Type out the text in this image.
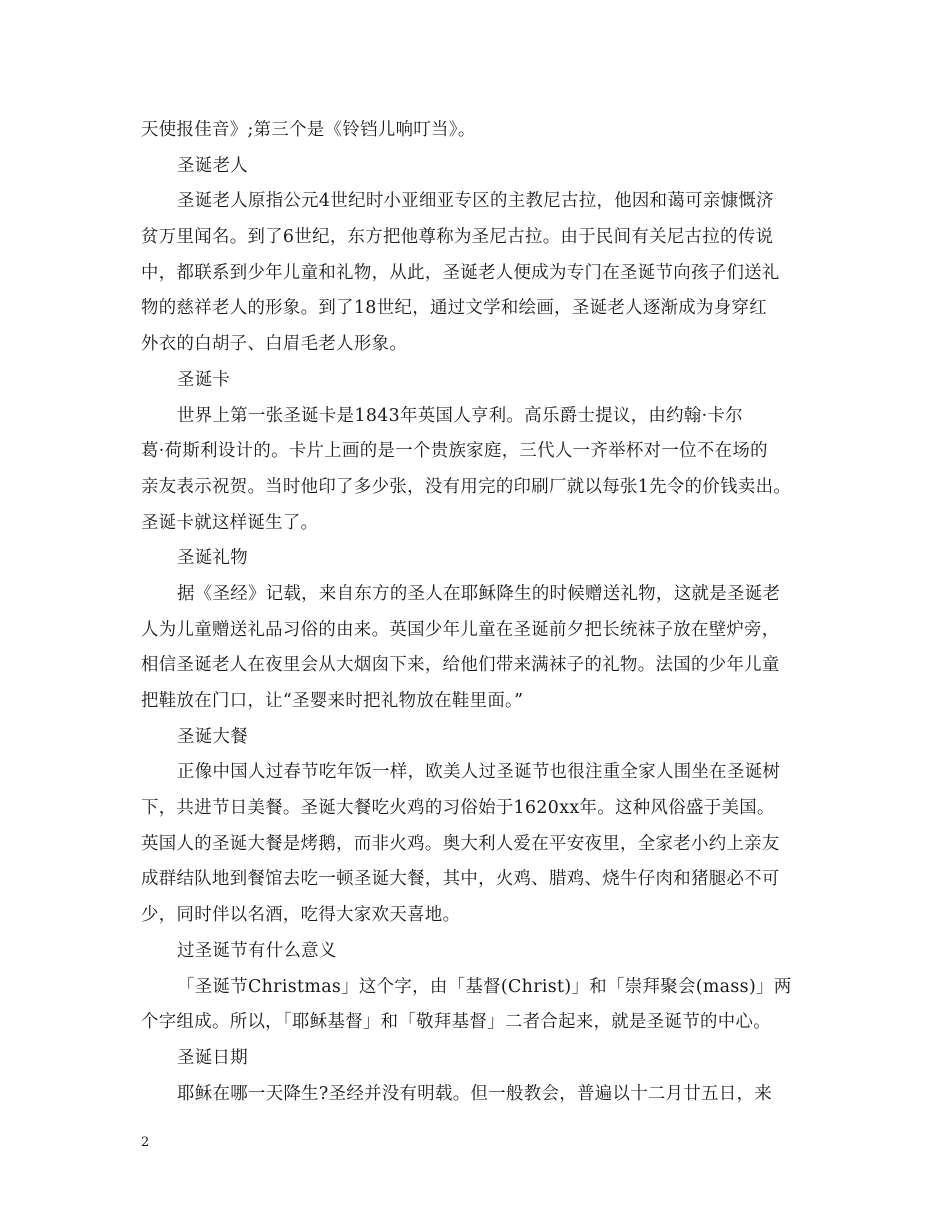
天使报佳音》;第三个是《铃铛儿响叮当》。
圣诞老人
圣诞老人原指公元4世纪时小亚细亚专区的主教尼古拉，他因和蔼可亲慷慨济
贫万里闻名。到了6世纪，东方把他尊称为圣尼古拉。由于民间有关尼古拉的传说
中，都联系到少年儿童和礼物，从此，圣诞老人便成为专门在圣诞节向孩子们送礼
物的慈祥老人的形象。到了18世纪，通过文学和绘画，圣诞老人逐渐成为身穿红
外衣的白胡子、白眉毛老人形象。
圣诞卡
世界上第一张圣诞卡是1843年英国人亨利。高乐爵士提议，由约翰·卡尔
葛·荷斯利设计的。卡片上画的是一个贵族家庭，三代人一齐举杯对一位不在场的
亲友表示祝贺。当时他印了多少张，没有用完的印刷厂就以每张1先令的价钱卖出。
圣诞卡就这样诞生了。
圣诞礼物
据《圣经》记载，来自东方的圣人在耶稣降生的时候赠送礼物，这就是圣诞老
人为儿童赠送礼品习俗的由来。英国少年儿童在圣诞前夕把长统袜子放在壁炉旁，
相信圣诞老人在夜里会从大烟囱下来，给他们带来满袜子的礼物。法国的少年儿童
把鞋放在门口，让“圣婴来时把礼物放在鞋里面。”
圣诞大餐
正像中国人过春节吃年饭一样，欧美人过圣诞节也很注重全家人围坐在圣诞树
下，共进节日美餐。圣诞大餐吃火鸡的习俗始于1620xx年。这种风俗盛于美国。
英国人的圣诞大餐是烤鹅，而非火鸡。奥大利人爱在平安夜里，全家老小约上亲友
成群结队地到餐馆去吃一顿圣诞大餐，其中，火鸡、腊鸡、烧牛仔肉和猪腿必不可
少，同时伴以名酒，吃得大家欢天喜地。
过圣诞节有什么意义
「圣诞节Christmas」这个字，由「基督(Christ)」和「崇拜聚会(mass)」两
个字组成。所以，「耶稣基督」和「敬拜基督」二者合起来，就是圣诞节的中心。
圣诞日期
耶稣在哪一天降生?圣经并没有明载。但一般教会，普遍以十二月廿五日，来
2
